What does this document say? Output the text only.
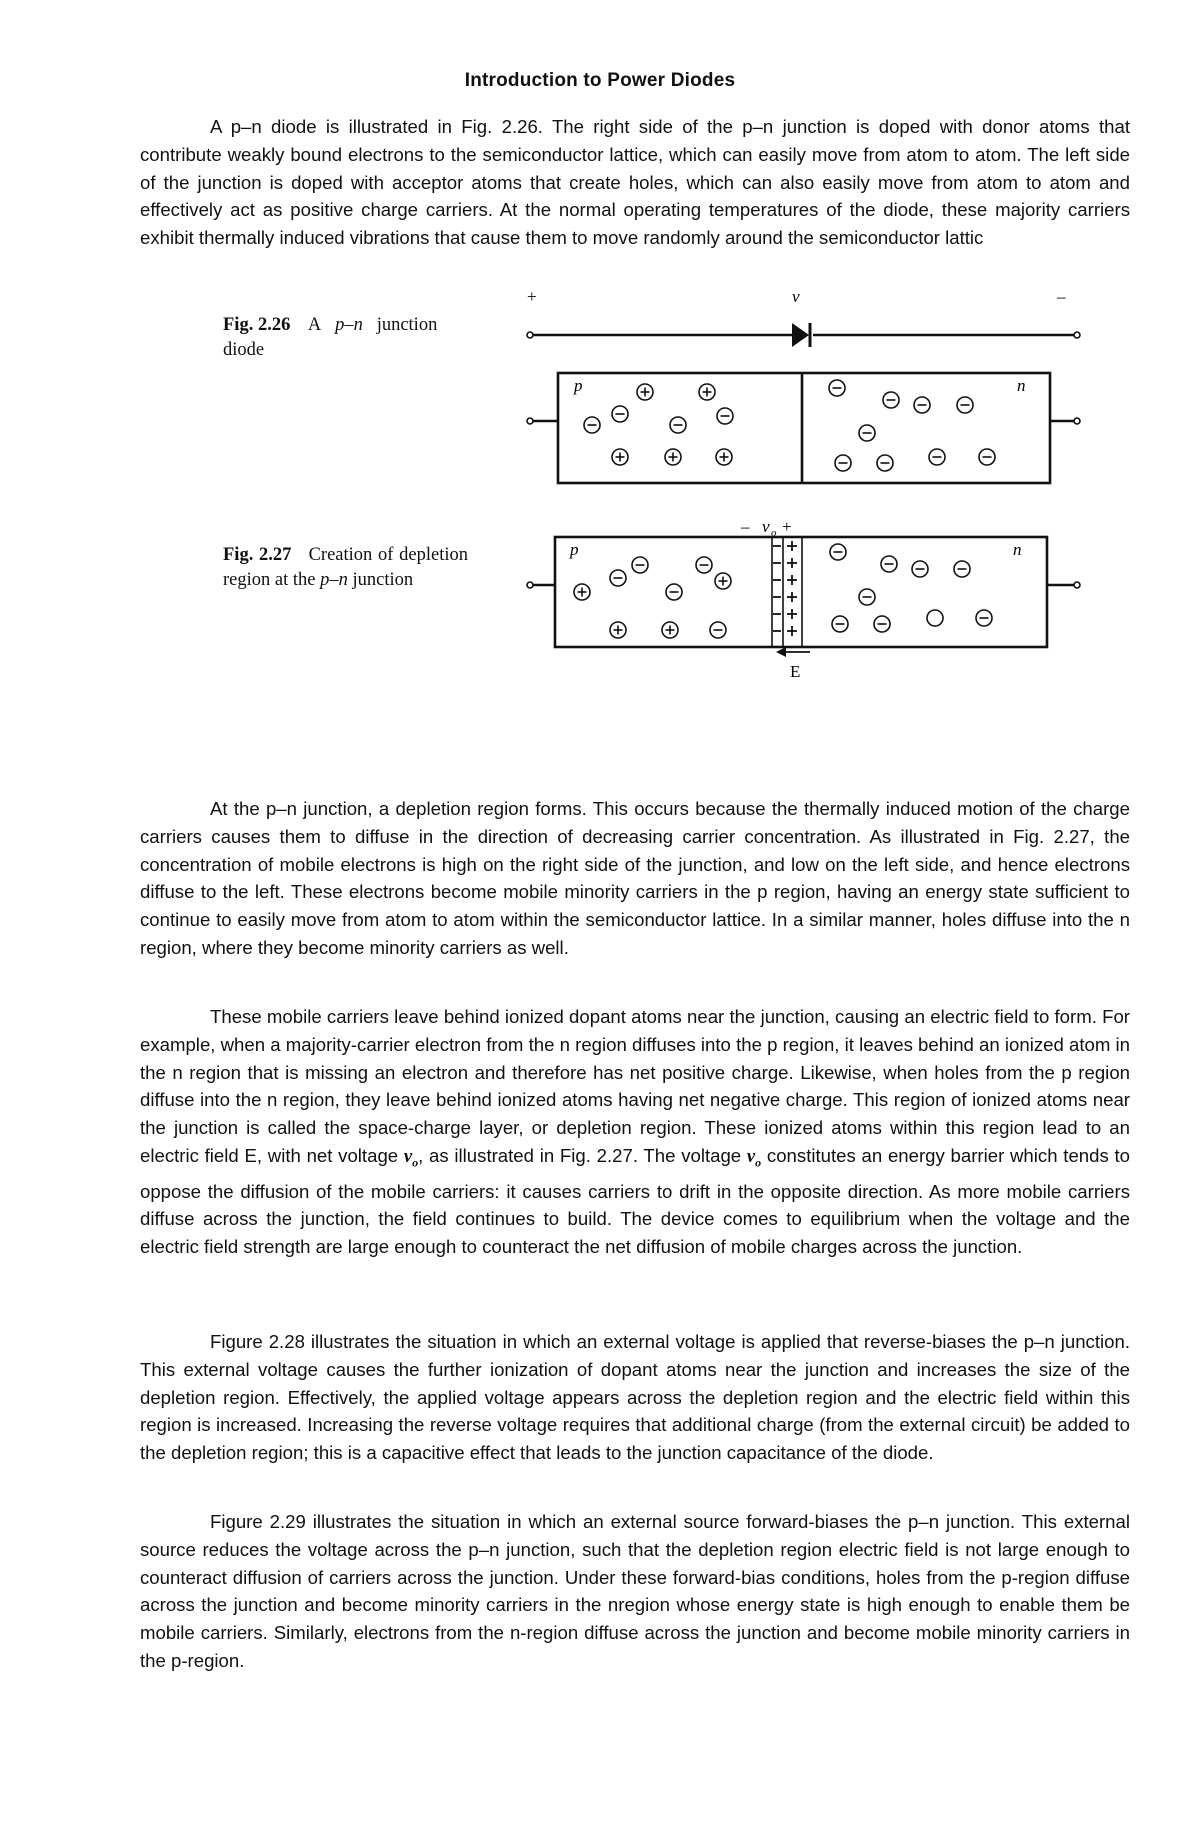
Introduction to Power Diodes

A p–n diode is illustrated in Fig. 2.26. The right side of the p–n junction is doped with donor atoms that contribute weakly bound electrons to the semiconductor lattice, which can easily move from atom to atom. The left side of the junction is doped with acceptor atoms that create holes, which can also easily move from atom to atom and effectively act as positive charge carriers. At the normal operating temperatures of the diode, these majority carriers exhibit thermally induced vibrations that cause them to move randomly around the semiconductor lattic

Fig. 2.26 A p–n junction diode
+	v	–
p	n
Fig. 2.27 Creation of depletion region at the p–n junction
– v o +
p	n
E

At the p–n junction, a depletion region forms. This occurs because the thermally induced motion of the charge carriers causes them to diffuse in the direction of decreasing carrier concentration. As illustrated in Fig. 2.27, the concentration of mobile electrons is high on the right side of the junction, and low on the left side, and hence electrons diffuse to the left. These electrons become mobile minority carriers in the p region, having an energy state sufficient to continue to easily move from atom to atom within the semiconductor lattice. In a similar manner, holes diffuse into the n region, where they become minority carriers as well.

These mobile carriers leave behind ionized dopant atoms near the junction, causing an electric field to form. For example, when a majority-carrier electron from the n region diffuses into the p region, it leaves behind an ionized atom in the n region that is missing an electron and therefore has net positive charge. Likewise, when holes from the p region diffuse into the n region, they leave behind ionized atoms having net negative charge. This region of ionized atoms near the junction is called the space-charge layer, or depletion region. These ionized atoms within this region lead to an electric field E, with net voltage $v_o$, as illustrated in Fig. 2.27. The voltage $v_o$ constitutes an energy barrier which tends to oppose the diffusion of the mobile carriers: it causes carriers to drift in the opposite direction. As more mobile carriers diffuse across the junction, the field continues to build. The device comes to equilibrium when the voltage and the electric field strength are large enough to counteract the net diffusion of mobile charges across the junction.

Figure 2.28 illustrates the situation in which an external voltage is applied that reverse-biases the p–n junction. This external voltage causes the further ionization of dopant atoms near the junction and increases the size of the depletion region. Effectively, the applied voltage appears across the depletion region and the electric field within this region is increased. Increasing the reverse voltage requires that additional charge (from the external circuit) be added to the depletion region; this is a capacitive effect that leads to the junction capacitance of the diode.

Figure 2.29 illustrates the situation in which an external source forward-biases the p–n junction. This external source reduces the voltage across the p–n junction, such that the depletion region electric field is not large enough to counteract diffusion of carriers across the junction. Under these forward-bias conditions, holes from the p-region diffuse across the junction and become minority carriers in the nregion whose energy state is high enough to enable them be mobile carriers. Similarly, electrons from the n-region diffuse across the junction and become mobile minority carriers in the p-region.
